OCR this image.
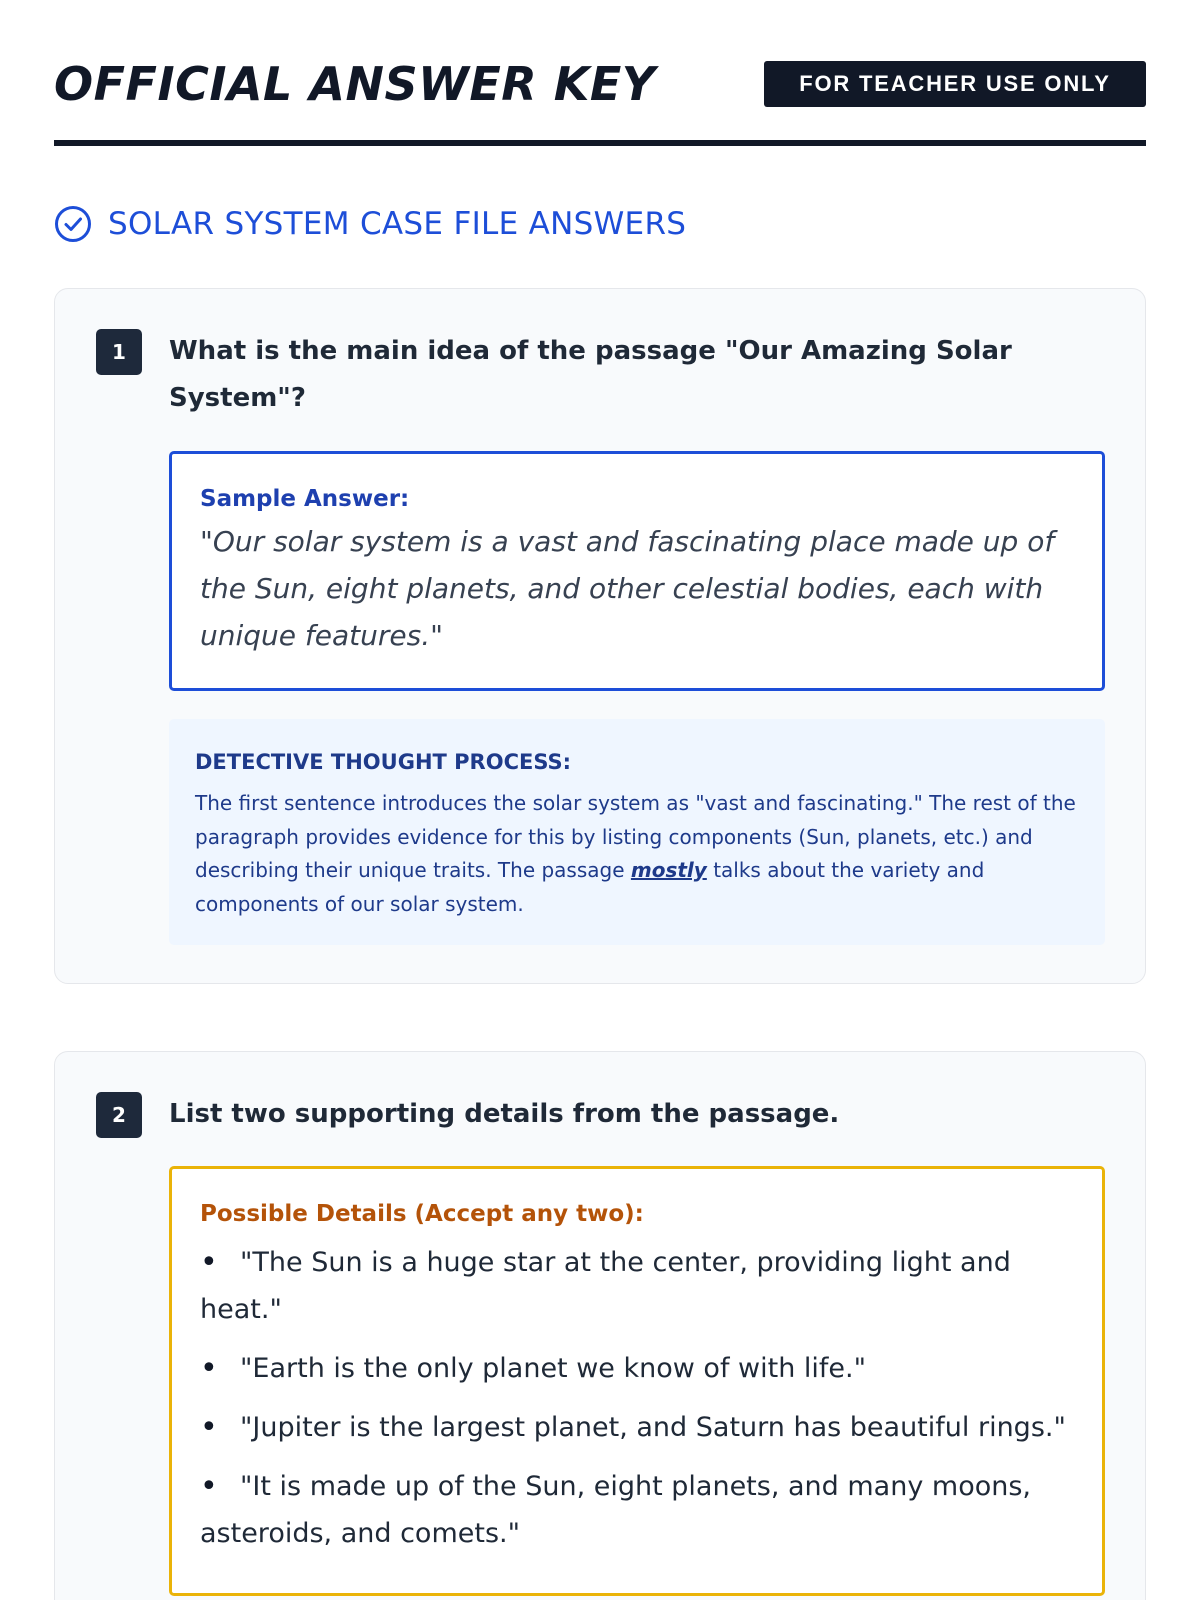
OFFICIAL ANSWER KEY	FOR TEACHER USE ONLY
SOLAR SYSTEM CASE FILE ANSWERS
1	What is the main idea of the passage "Our Amazing Solar System"?

Sample Answer:

"Our solar system is a vast and fascinating place made up of the Sun, eight planets, and other celestial bodies, each with unique features."

DETECTIVE THOUGHT PROCESS:

The first sentence introduces the solar system as "vast and fascinating." The rest of the paragraph provides evidence for this by listing components (Sun, planets, etc.) and describing their unique traits. The passage mostly talks about the variety and components of our solar system.

2	List two supporting details from the passage.

Possible Details (Accept any two):

• "The Sun is a huge star at the center, providing light and heat."
• "Earth is the only planet we know of with life."
• "Jupiter is the largest planet, and Saturn has beautiful rings."
• "It is made up of the Sun, eight planets, and many moons, asteroids, and comets."
